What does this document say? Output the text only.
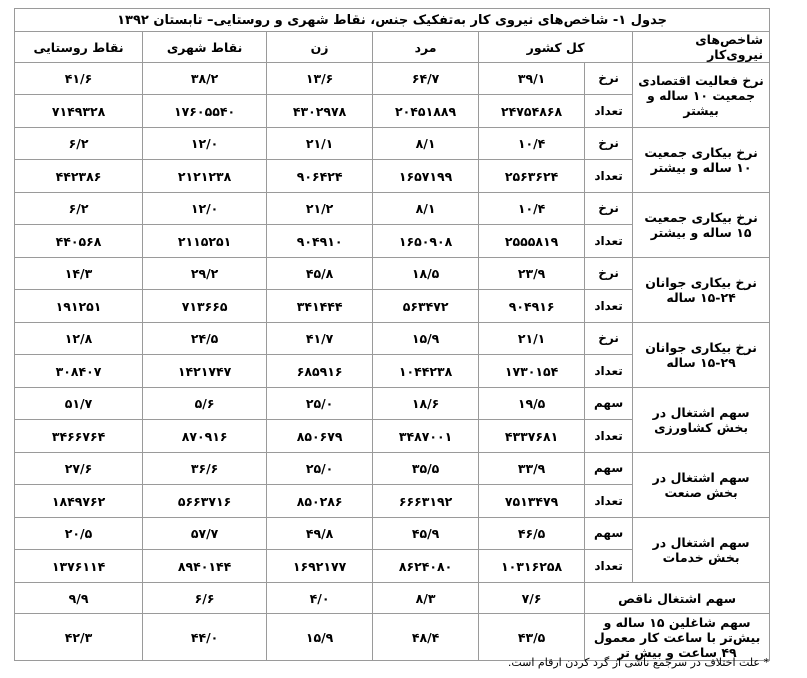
جدول ۱- شاخص‌های نیروی کار به‌تفکیک جنس، نقاط شهری و روستایی– تابستان ۱۳۹۲						
شاخص‌های نیروی‌کار	کل کشور		مرد	زن	نقاط شهری	نقاط روستایی
نرخ فعالیت اقتصادی جمعیت ۱۰ ساله و بیشتر	نرخ	۳۹/۱	۶۴/۷	۱۳/۶	۳۸/۲	۴۱/۶
	تعداد	۲۴۷۵۴۸۶۸	۲۰۴۵۱۸۸۹	۴۳۰۲۹۷۸	۱۷۶۰۵۵۴۰	۷۱۴۹۳۲۸
نرخ بیکاری جمعیت ۱۰ ساله و بیشتر	نرخ	۱۰/۴	۸/۱	۲۱/۱	۱۲/۰	۶/۲
	تعداد	۲۵۶۳۶۲۴	۱۶۵۷۱۹۹	۹۰۶۴۲۴	۲۱۲۱۲۳۸	۴۴۲۳۸۶
نرخ بیکاری جمعیت ۱۵ ساله و بیشتر	نرخ	۱۰/۴	۸/۱	۲۱/۲	۱۲/۰	۶/۲
	تعداد	۲۵۵۵۸۱۹	۱۶۵۰۹۰۸	۹۰۴۹۱۰	۲۱۱۵۲۵۱	۴۴۰۵۶۸
نرخ بیکاری جوانان ۲۴-۱۵ ساله	نرخ	۲۳/۹	۱۸/۵	۴۵/۸	۲۹/۲	۱۴/۳
	تعداد	۹۰۴۹۱۶	۵۶۳۴۷۲	۳۴۱۴۴۴	۷۱۳۶۶۵	۱۹۱۲۵۱
نرخ بیکاری جوانان ۲۹-۱۵ ساله	نرخ	۲۱/۱	۱۵/۹	۴۱/۷	۲۴/۵	۱۲/۸
	تعداد	۱۷۳۰۱۵۴	۱۰۴۴۲۳۸	۶۸۵۹۱۶	۱۴۲۱۷۴۷	۳۰۸۴۰۷
سهم اشتغال در بخش کشاورزی	سهم	۱۹/۵	۱۸/۶	۲۵/۰	۵/۶	۵۱/۷
	تعداد	۴۳۳۷۶۸۱	۳۴۸۷۰۰۱	۸۵۰۶۷۹	۸۷۰۹۱۶	۳۴۶۶۷۶۴
سهم اشتغال در بخش صنعت	سهم	۳۳/۹	۳۵/۵	۲۵/۰	۳۶/۶	۲۷/۶
	تعداد	۷۵۱۳۴۷۹	۶۶۶۳۱۹۲	۸۵۰۲۸۶	۵۶۶۳۷۱۶	۱۸۴۹۷۶۲
سهم اشتغال در بخش خدمات	سهم	۴۶/۵	۴۵/۹	۴۹/۸	۵۷/۷	۲۰/۵
	تعداد	۱۰۳۱۶۲۵۸	۸۶۲۴۰۸۰	۱۶۹۲۱۷۷	۸۹۴۰۱۴۴	۱۳۷۶۱۱۴
سهم اشتغال ناقص		۷/۶	۸/۳	۴/۰	۶/۶	۹/۹
سهم شاغلین ۱۵ ساله و بیش‌تر با ساعت کار معمول ۴۹ ساعت و بیش تر		۴۳/۵	۴۸/۴	۱۵/۹	۴۴/۰	۴۲/۳
* علت اختلاف در سرجمع ناشی از گرد کردن ارقام است.
